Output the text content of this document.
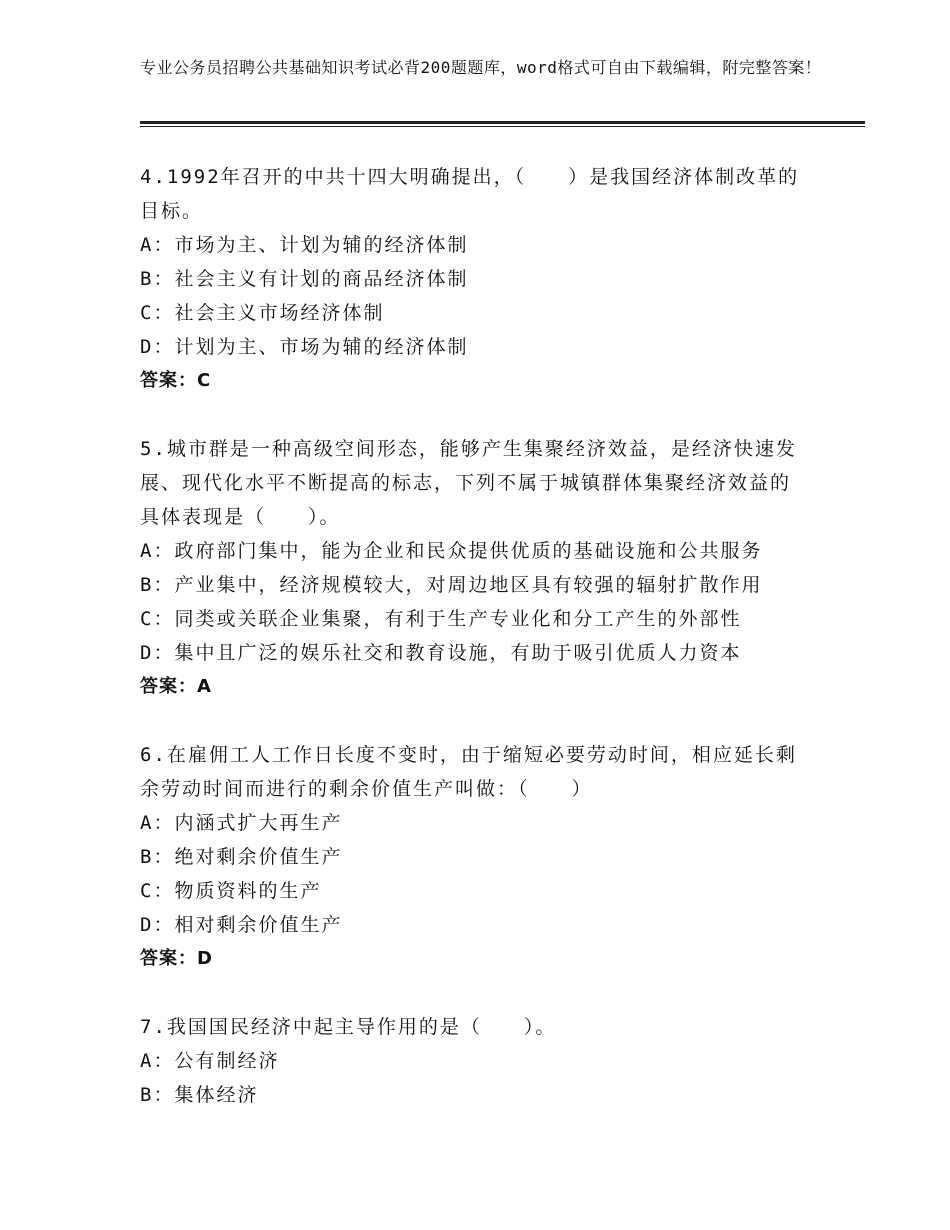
专业公务员招聘公共基础知识考试必背200题题库，word格式可自由下载编辑，附完整答案！

4.1992年召开的中共十四大明确提出，（　　）是我国经济体制改革的目标。

A：市场为主、计划为辅的经济体制

B：社会主义有计划的商品经济体制

C：社会主义市场经济体制

D：计划为主、市场为辅的经济体制

答案：C

5.城市群是一种高级空间形态，能够产生集聚经济效益，是经济快速发展、现代化水平不断提高的标志，下列不属于城镇群体集聚经济效益的具体表现是（　　）。

A：政府部门集中，能为企业和民众提供优质的基础设施和公共服务

B：产业集中，经济规模较大，对周边地区具有较强的辐射扩散作用

C：同类或关联企业集聚，有利于生产专业化和分工产生的外部性

D：集中且广泛的娱乐社交和教育设施，有助于吸引优质人力资本

答案：A

6.在雇佣工人工作日长度不变时，由于缩短必要劳动时间，相应延长剩余劳动时间而进行的剩余价值生产叫做：（　　）

A：内涵式扩大再生产

B：绝对剩余价值生产

C：物质资料的生产

D：相对剩余价值生产

答案：D

7.我国国民经济中起主导作用的是（　　）。

A：公有制经济

B：集体经济
